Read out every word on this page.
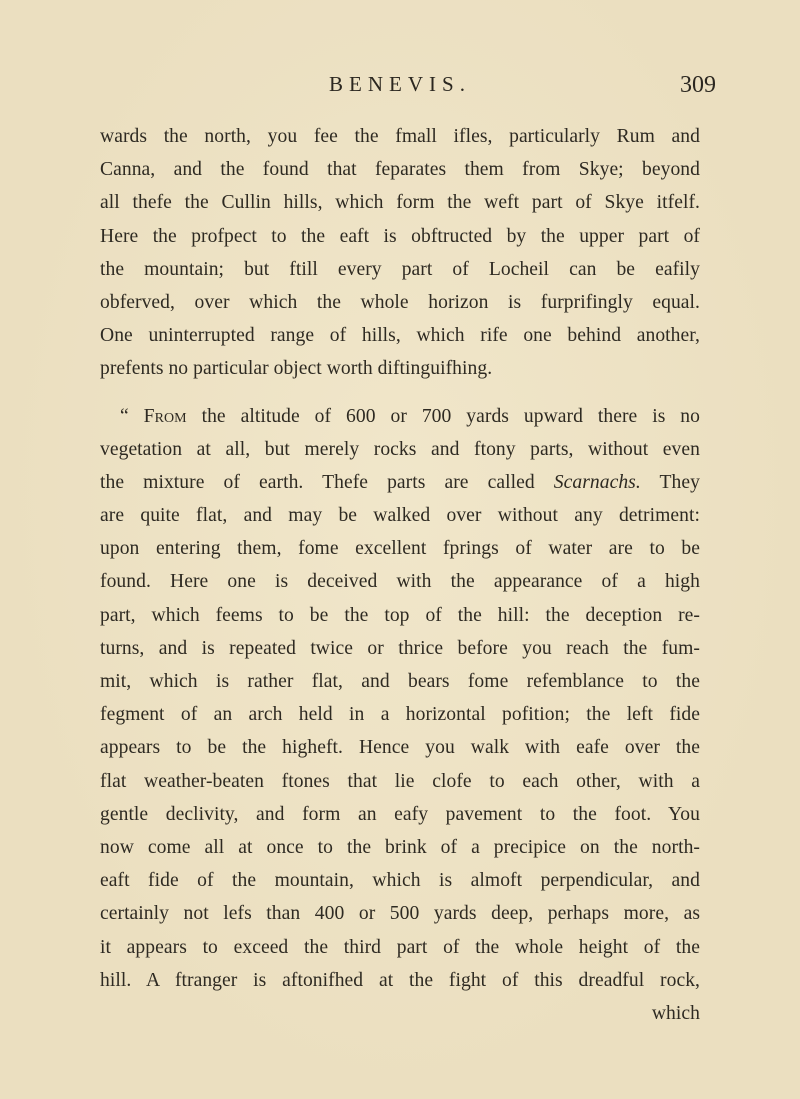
BENEVIS.	309
wards the north, you fee the fmall ifles, particularly Rum and
Canna, and the found that feparates them from Skye; beyond
all thefe the Cullin hills, which form the weft part of Skye itfelf.
Here the profpect to the eaft is obftructed by the upper part of
the mountain; but ftill every part of Locheil can be eafily
obferved, over which the whole horizon is furprifingly equal.
One uninterrupted range of hills, which rife one behind another,
prefents no particular object worth diftinguifhing.
“ From the altitude of 600 or 700 yards upward there is no
vegetation at all, but merely rocks and ftony parts, without even
the mixture of earth. Thefe parts are called Scarnachs. They
are quite flat, and may be walked over without any detriment:
upon entering them, fome excellent fprings of water are to be
found. Here one is deceived with the appearance of a high
part, which feems to be the top of the hill: the deception re-
turns, and is repeated twice or thrice before you reach the fum-
mit, which is rather flat, and bears fome refemblance to the
fegment of an arch held in a horizontal pofition; the left fide
appears to be the higheft. Hence you walk with eafe over the
flat weather-beaten ftones that lie clofe to each other, with a
gentle declivity, and form an eafy pavement to the foot. You
now come all at once to the brink of a precipice on the north-
eaft fide of the mountain, which is almoft perpendicular, and
certainly not lefs than 400 or 500 yards deep, perhaps more, as
it appears to exceed the third part of the whole height of the
hill. A ftranger is aftonifhed at the fight of this dreadful rock,
which
